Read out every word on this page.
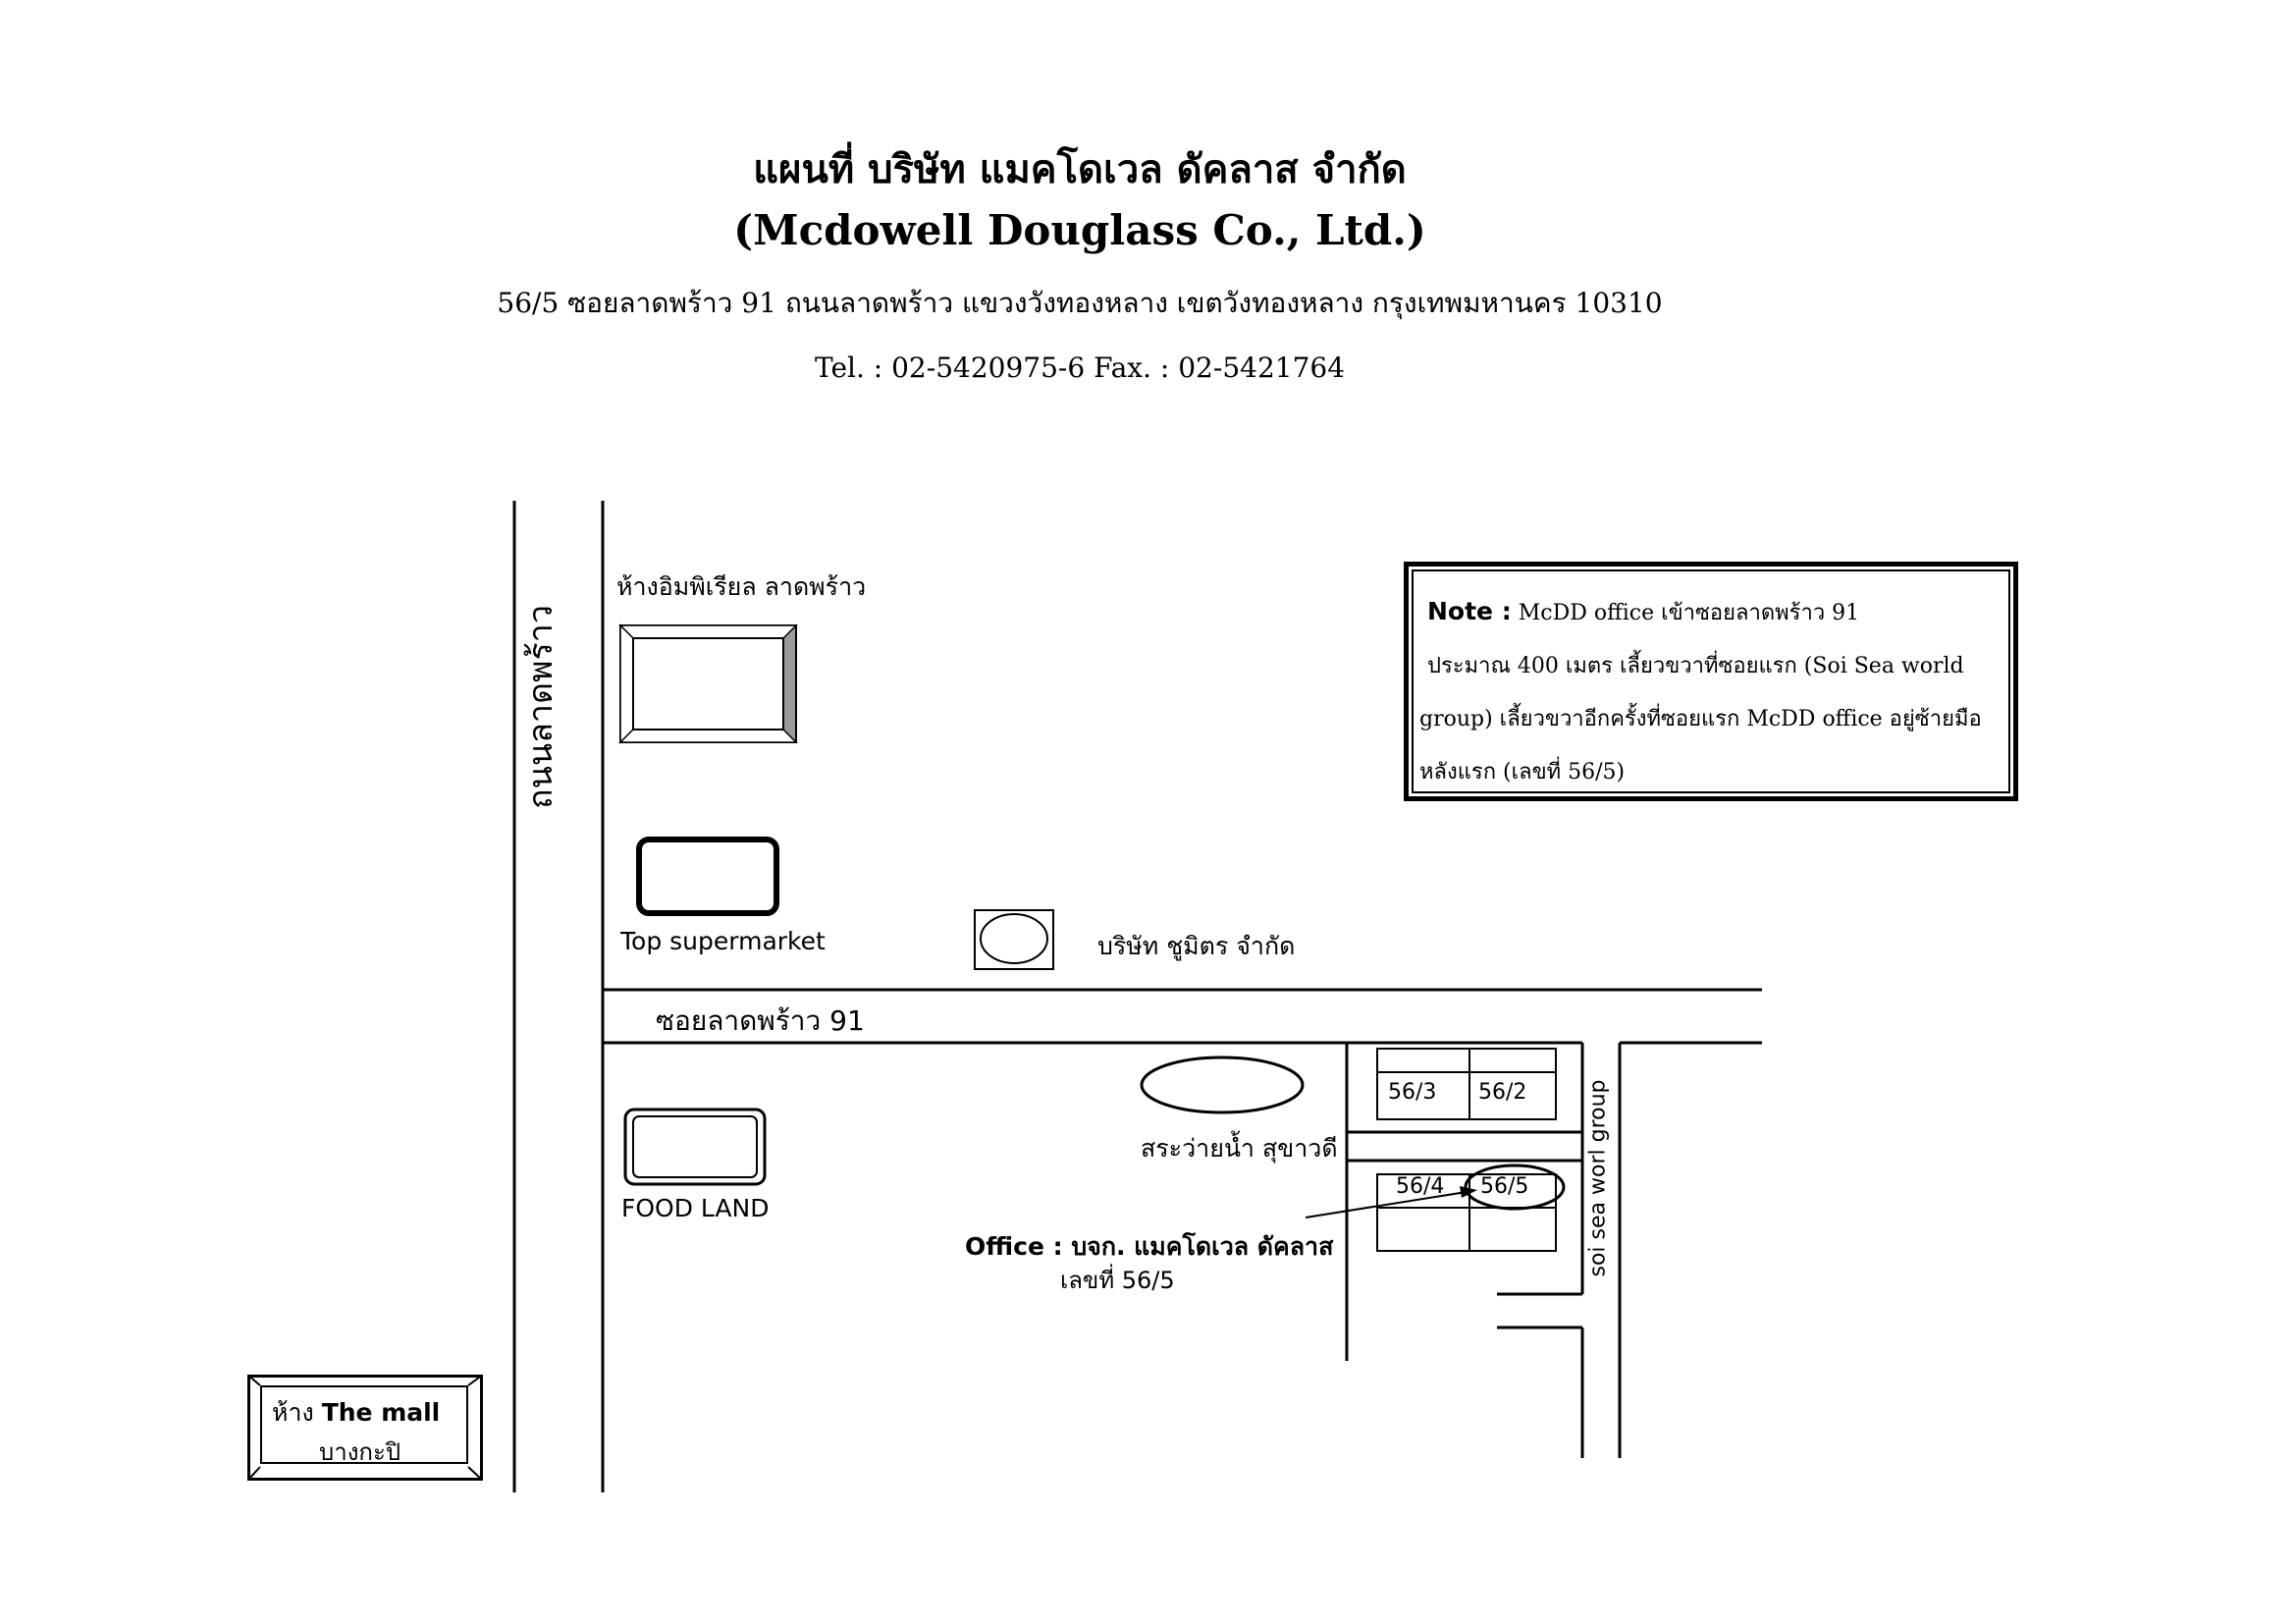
แผนที่ บริษัท แมคโดเวล ดัคลาส จำกัด
(Mcdowell Douglass Co., Ltd.)
56/5 ซอยลาดพร้าว 91 ถนนลาดพร้าว แขวงวังทองหลาง เขตวังทองหลาง กรุงเทพมหานคร 10310
Tel. : 02-5420975-6 Fax. : 02-5421764
ถนนลาดพร้าว
ซอยลาดพร้าว 91
soi sea worl group
ห้างอิมพิเรียล ลาดพร้าว
Top supermarket	บริษัท ชูมิตร จำกัด
FOOD LAND
สระว่ายน้ำ สุขาวดี
56/3 56/2
56/4 56/5
Office : บจก. แมคโดเวล ดัคลาส
เลขที่ 56/5
Note : McDD office เข้าซอยลาดพร้าว 91
ประมาณ 400 เมตร เลี้ยวขวาที่ซอยแรก (Soi Sea world
group) เลี้ยวขวาอีกครั้งที่ซอยแรก McDD office อยู่ซ้ายมือ
หลังแรก (เลขที่ 56/5)
ห้าง The mall
บางกะปิ
